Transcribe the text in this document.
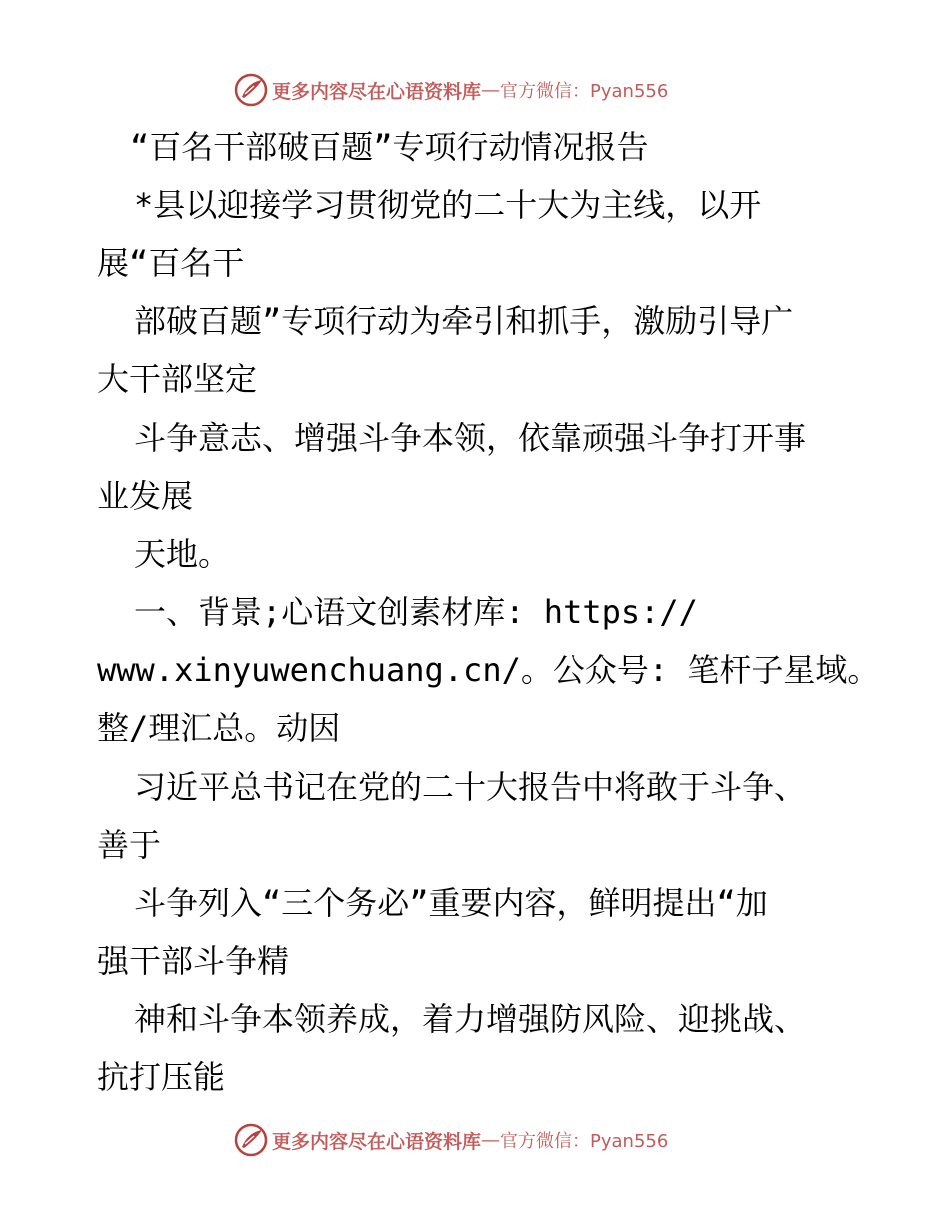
更多内容尽在心语资料库 — 官方微信：Pyan556
“百名干部破百题”专项行动情况报告
*县以迎接学习贯彻党的二十大为主线，以开
展“百名干
部破百题”专项行动为牵引和抓手，激励引导广
大干部坚定
斗争意志、增强斗争本领，依靠顽强斗争打开事
业发展
天地。
一、背景;心语文创素材库: https://
www.xinyuwenchuang.cn/。公众号: 笔杆子星域。
整/理汇总。动因
习近平总书记在党的二十大报告中将敢于斗争、
善于
斗争列入“三个务必”重要内容，鲜明提出“加
强干部斗争精
神和斗争本领养成，着力增强防风险、迎挑战、
抗打压能
更多内容尽在心语资料库 — 官方微信：Pyan556
